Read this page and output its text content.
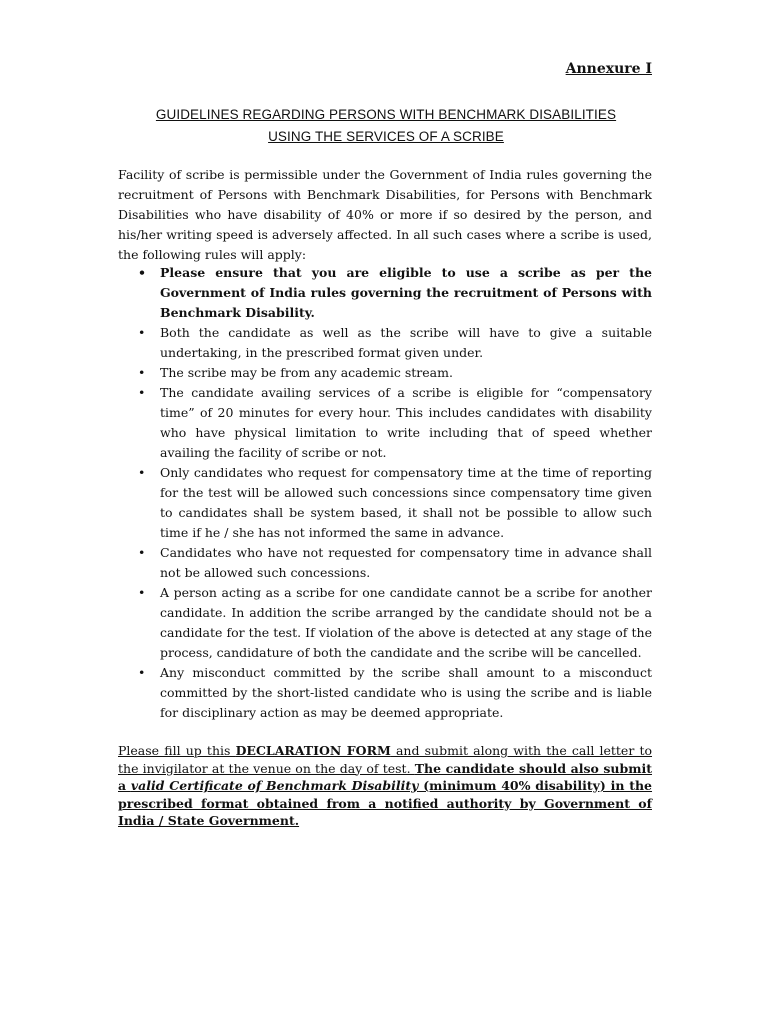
Annexure I
GUIDELINES REGARDING PERSONS WITH BENCHMARK DISABILITIES
USING THE SERVICES OF A SCRIBE
Facility of scribe is permissible under the Government of India rules governing the recruitment of Persons with Benchmark Disabilities, for Persons with Benchmark Disabilities who have disability of 40% or more if so desired by the person, and his/her writing speed is adversely affected. In all such cases where a scribe is used, the following rules will apply:
• Please ensure that you are eligible to use a scribe as per the Government of India rules governing the recruitment of Persons with Benchmark Disability.
• Both the candidate as well as the scribe will have to give a suitable undertaking, in the prescribed format given under.
• The scribe may be from any academic stream.
• The candidate availing services of a scribe is eligible for “compensatory time” of 20 minutes for every hour. This includes candidates with disability who have physical limitation to write including that of speed whether availing the facility of scribe or not.
• Only candidates who request for compensatory time at the time of reporting for the test will be allowed such concessions since compensatory time given to candidates shall be system based, it shall not be possible to allow such time if he / she has not informed the same in advance.
• Candidates who have not requested for compensatory time in advance shall not be allowed such concessions.
• A person acting as a scribe for one candidate cannot be a scribe for another candidate. In addition the scribe arranged by the candidate should not be a candidate for the test. If violation of the above is detected at any stage of the process, candidature of both the candidate and the scribe will be cancelled.
• Any misconduct committed by the scribe shall amount to a misconduct committed by the short-listed candidate who is using the scribe and is liable for disciplinary action as may be deemed appropriate.
Please fill up this DECLARATION FORM and submit along with the call letter to the invigilator at the venue on the day of test. The candidate should also submit a valid Certificate of Benchmark Disability (minimum 40% disability) in the prescribed format obtained from a notified authority by Government of India / State Government.
